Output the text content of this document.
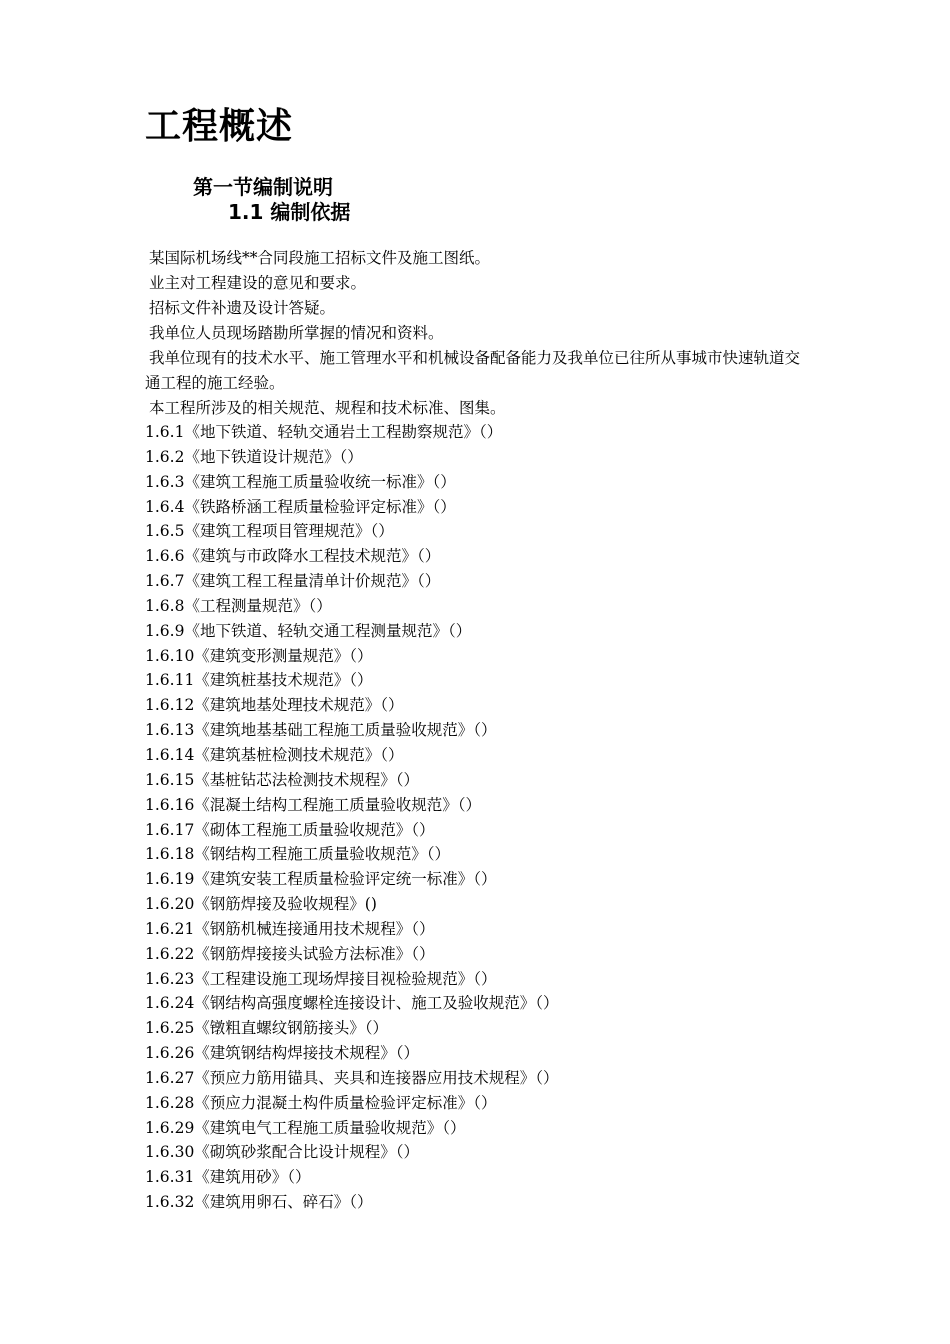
工程概述
第一节编制说明
1.1 编制依据

某国际机场线**合同段施工招标文件及施工图纸。

业主对工程建设的意见和要求。

招标文件补遗及设计答疑。

我单位人员现场踏勘所掌握的情况和资料。

我单位现有的技术水平、施工管理水平和机械设备配备能力及我单位已往所从事城市快速轨道交通工程的施工经验。

本工程所涉及的相关规范、规程和技术标准、图集。

1.6.1《地下铁道、轻轨交通岩土工程勘察规范》（）
1.6.2《地下铁道设计规范》（）
1.6.3《建筑工程施工质量验收统一标准》（）
1.6.4《铁路桥涵工程质量检验评定标准》（）
1.6.5《建筑工程项目管理规范》（）
1.6.6《建筑与市政降水工程技术规范》（）
1.6.7《建筑工程工程量清单计价规范》（）
1.6.8《工程测量规范》（）
1.6.9《地下铁道、轻轨交通工程测量规范》（）
1.6.10《建筑变形测量规范》（）
1.6.11《建筑桩基技术规范》（）
1.6.12《建筑地基处理技术规范》（）
1.6.13《建筑地基基础工程施工质量验收规范》（）
1.6.14《建筑基桩检测技术规范》（）
1.6.15《基桩钻芯法检测技术规程》（）
1.6.16《混凝土结构工程施工质量验收规范》（）
1.6.17《砌体工程施工质量验收规范》（）
1.6.18《钢结构工程施工质量验收规范》（）
1.6.19《建筑安装工程质量检验评定统一标准》（）
1.6.20《钢筋焊接及验收规程》()
1.6.21《钢筋机械连接通用技术规程》（）
1.6.22《钢筋焊接接头试验方法标准》（）
1.6.23《工程建设施工现场焊接目视检验规范》（）
1.6.24《钢结构高强度螺栓连接设计、施工及验收规范》（）
1.6.25《镦粗直螺纹钢筋接头》（）
1.6.26《建筑钢结构焊接技术规程》（）
1.6.27《预应力筋用锚具、夹具和连接器应用技术规程》（）
1.6.28《预应力混凝土构件质量检验评定标准》（）
1.6.29《建筑电气工程施工质量验收规范》（）
1.6.30《砌筑砂浆配合比设计规程》（）
1.6.31《建筑用砂》（）
1.6.32《建筑用卵石、碎石》（）
